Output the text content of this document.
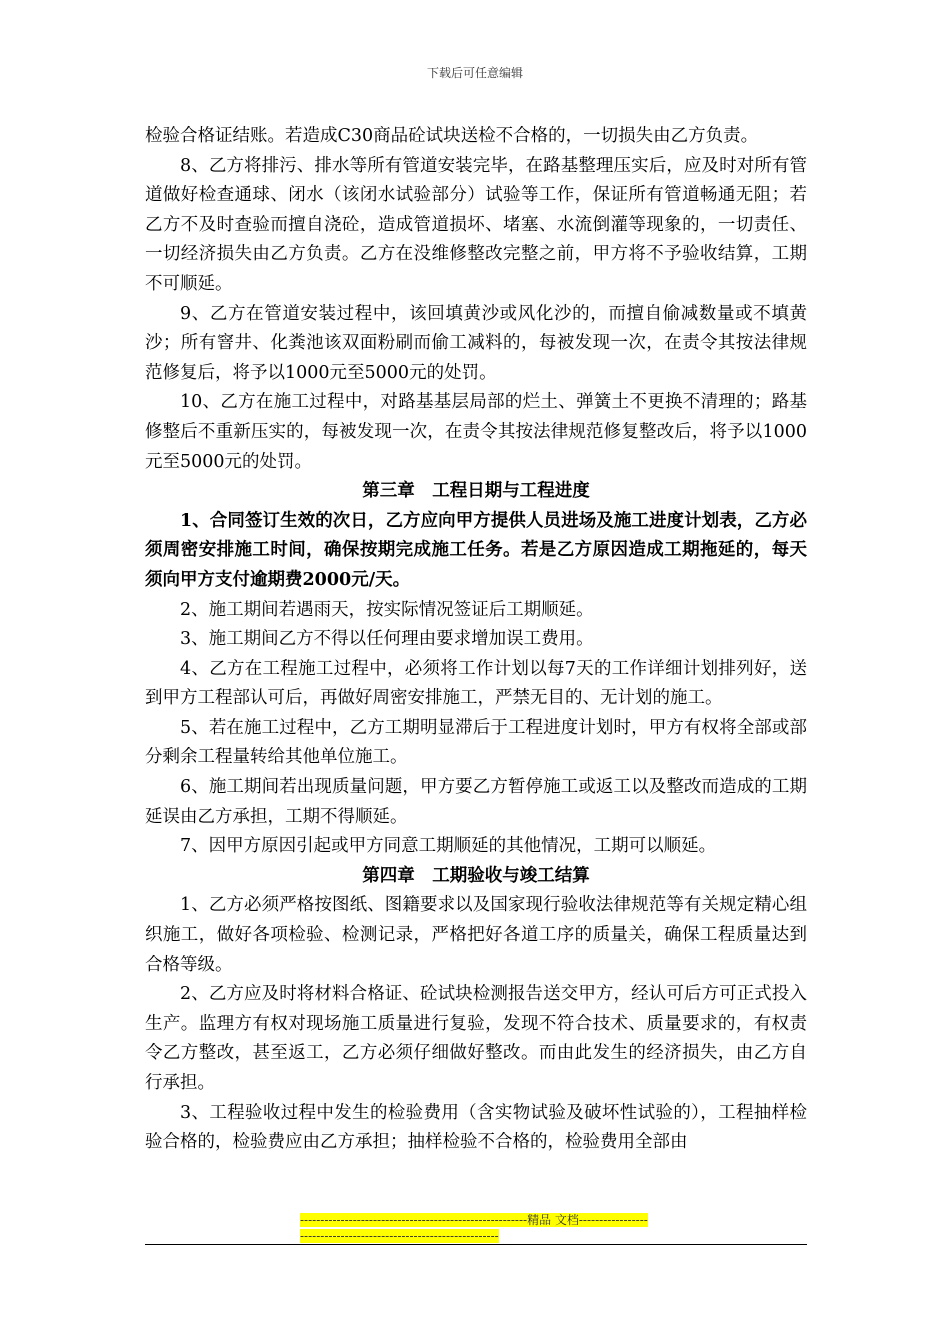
下载后可任意编辑

检验合格证结账。若造成C30商品砼试块送检不合格的，一切损失由乙方负责。

8、乙方将排污、排水等所有管道安装完毕，在路基整理压实后，应及时对所有管道做好检查通球、闭水（该闭水试验部分）试验等工作，保证所有管道畅通无阻；若乙方不及时查验而擅自浇砼，造成管道损坏、堵塞、水流倒灌等现象的，一切责任、一切经济损失由乙方负责。乙方在没维修整改完整之前，甲方将不予验收结算，工期不可顺延。

9、乙方在管道安装过程中，该回填黄沙或风化沙的，而擅自偷减数量或不填黄沙；所有窨井、化粪池该双面粉刷而偷工减料的，每被发现一次，在责令其按法律规范修复后，将予以1000元至5000元的处罚。

10、乙方在施工过程中，对路基基层局部的烂土、弹簧土不更换不清理的；路基修整后不重新压实的，每被发现一次，在责令其按法律规范修复整改后，将予以1000元至5000元的处罚。

第三章　工程日期与工程进度

1、合同签订生效的次日，乙方应向甲方提供人员进场及施工进度计划表，乙方必须周密安排施工时间，确保按期完成施工任务。若是乙方原因造成工期拖延的，每天须向甲方支付逾期费2000元/天。

2、施工期间若遇雨天，按实际情况签证后工期顺延。

3、施工期间乙方不得以任何理由要求增加误工费用。

4、乙方在工程施工过程中，必须将工作计划以每7天的工作详细计划排列好，送到甲方工程部认可后，再做好周密安排施工，严禁无目的、无计划的施工。

5、若在施工过程中，乙方工期明显滞后于工程进度计划时，甲方有权将全部或部分剩余工程量转给其他单位施工。

6、施工期间若出现质量问题，甲方要乙方暂停施工或返工以及整改而造成的工期延误由乙方承担，工期不得顺延。

7、因甲方原因引起或甲方同意工期顺延的其他情况，工期可以顺延。

第四章　工期验收与竣工结算

1、乙方必须严格按图纸、图籍要求以及国家现行验收法律规范等有关规定精心组织施工，做好各项检验、检测记录，严格把好各道工序的质量关，确保工程质量达到合格等级。

2、乙方应及时将材料合格证、砼试块检测报告送交甲方，经认可后方可正式投入生产。监理方有权对现场施工质量进行复验，发现不符合技术、质量要求的，有权责令乙方整改，甚至返工，乙方必须仔细做好整改。而由此发生的经济损失，由乙方自行承担。

3、工程验收过程中发生的检验费用（含实物试验及破坏性试验的），工程抽样检验合格的，检验费应由乙方承担；抽样检验不合格的，检验费用全部由

--------------------------------------------------------精品 文档------------------------------------------------------------------
